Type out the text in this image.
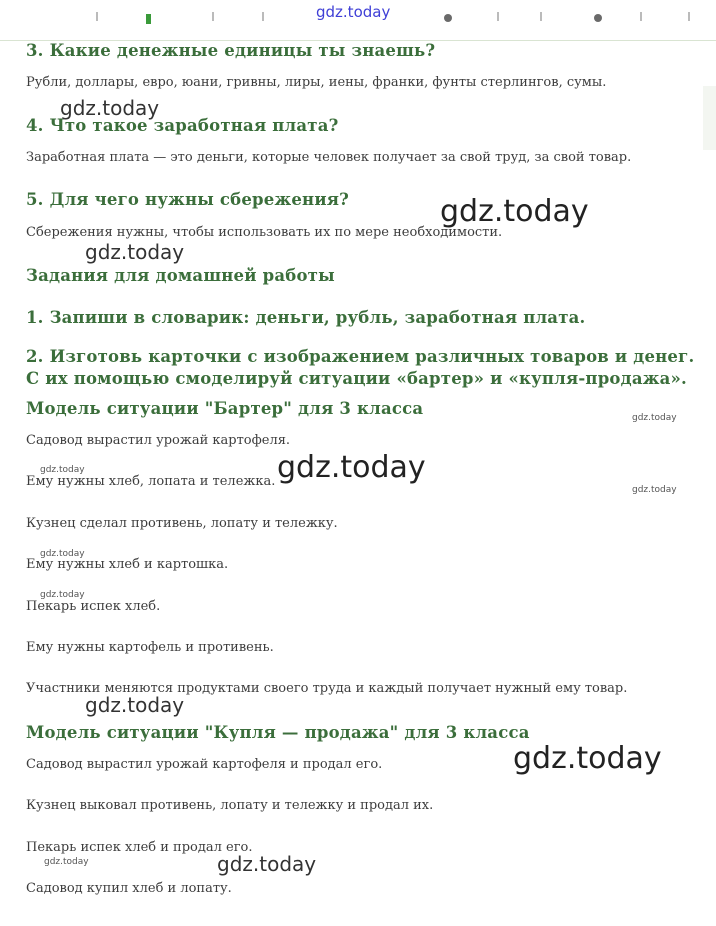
gdz.today
3. Какие денежные единицы ты знаешь?

Рубли, доллары, евро, юани, гривны, лиры, иены, франки, фунты стерлингов, сумы.

4. Что такое заработная плата?

Заработная плата — это деньги, которые человек получает за свой труд, за свой товар.

5. Для чего нужны сбережения?

Сбережения нужны, чтобы использовать их по мере необходимости.

Задания для домашней работы
1. Запиши в словарик: деньги, рубль, заработная плата.
2. Изготовь карточки с изображением различных товаров и денег. С их помощью смоделируй ситуации «бартер» и «купля-продажа».
Модель ситуации "Бартер" для 3 класса

Садовод вырастил урожай картофеля.

Ему нужны хлеб, лопата и тележка.

Кузнец сделал противень, лопату и тележку.

Ему нужны хлеб и картошка.

Пекарь испек хлеб.

Ему нужны картофель и противень.

Участники меняются продуктами своего труда и каждый получает нужный ему товар.

Модель ситуации "Купля — продажа" для 3 класса

Садовод вырастил урожай картофеля и продал его.

Кузнец выковал противень, лопату и тележку и продал их.

Пекарь испек хлеб и продал его.

Садовод купил хлеб и лопату.

gdz.today
gdz.today
gdz.today
gdz.today
gdz.today	gdz.today
gdz.today
gdz.today
gdz.today
gdz.today
gdz.today
gdz.today	gdz.today
